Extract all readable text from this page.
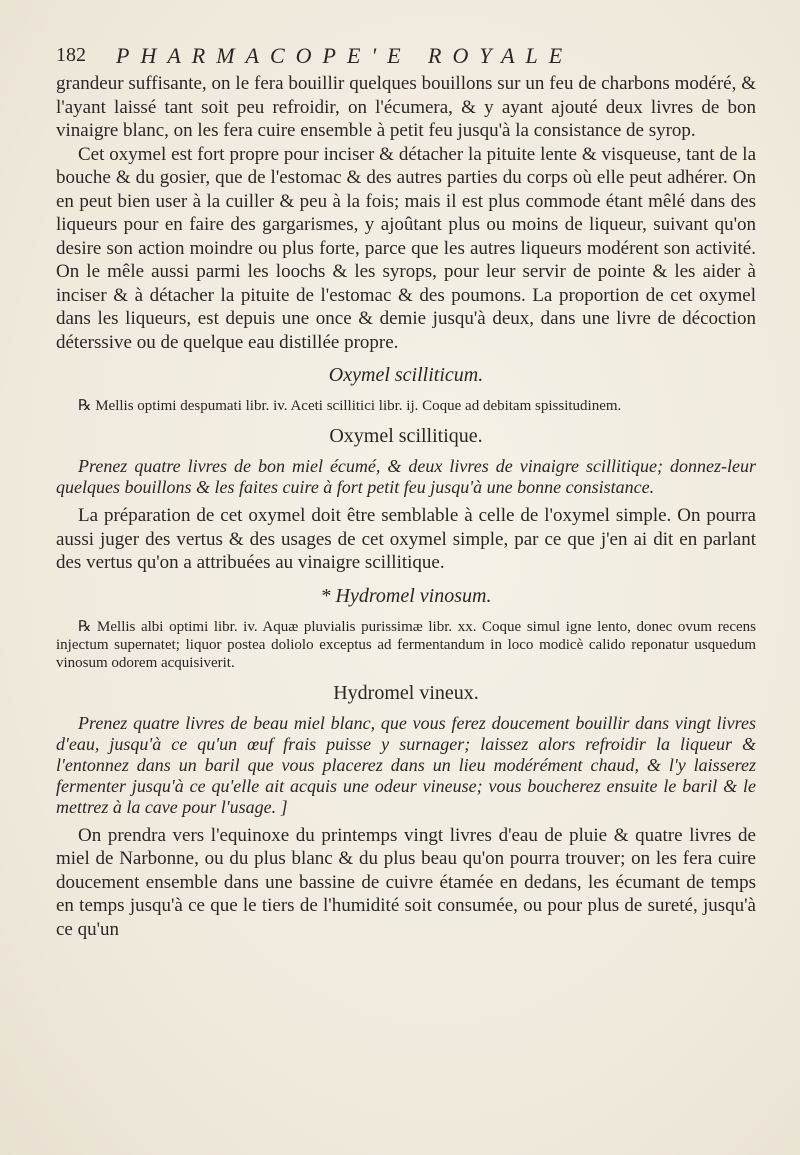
182 PHARMACOPE'E ROYALE

grandeur suffisante, on le fera bouillir quelques bouillons sur un feu de charbons modéré, & l'ayant laissé tant soit peu refroidir, on l'écumera, & y ayant ajouté deux livres de bon vinaigre blanc, on les fera cuire ensemble à petit feu jusqu'à la consistance de syrop.

Cet oxymel est fort propre pour inciser & détacher la pituite lente & visqueuse, tant de la bouche & du gosier, que de l'estomac & des autres parties du corps où elle peut adhérer. On en peut bien user à la cuiller & peu à la fois; mais il est plus commode étant mêlé dans des liqueurs pour en faire des gargarismes, y ajoûtant plus ou moins de liqueur, suivant qu'on desire son action moindre ou plus forte, parce que les autres liqueurs modérent son activité. On le mêle aussi parmi les loochs & les syrops, pour leur servir de pointe & les aider à inciser & à détacher la pituite de l'estomac & des poumons. La proportion de cet oxymel dans les liqueurs, est depuis une once & demie jusqu'à deux, dans une livre de décoction déterssive ou de quelque eau distillée propre.

Oxymel scilliticum.

℞ Mellis optimi despumati libr. iv. Aceti scillitici libr. ij. Coque ad debitam spissitudinem.

Oxymel scillitique.

Prenez quatre livres de bon miel écumé, & deux livres de vinaigre scillitique; donnez-leur quelques bouillons & les faites cuire à fort petit feu jusqu'à une bonne consistance.

La préparation de cet oxymel doit être semblable à celle de l'oxymel simple. On pourra aussi juger des vertus & des usages de cet oxymel simple, par ce que j'en ai dit en parlant des vertus qu'on a attribuées au vinaigre scillitique.

* Hydromel vinosum.

℞ Mellis albi optimi libr. iv. Aquæ pluvialis purissimæ libr. xx. Coque simul igne lento, donec ovum recens injectum supernatet; liquor postea doliolo exceptus ad fermentandum in loco modicè calido reponatur usquedum vinosum odorem acquisiverit.

Hydromel vineux.

Prenez quatre livres de beau miel blanc, que vous ferez doucement bouillir dans vingt livres d'eau, jusqu'à ce qu'un œuf frais puisse y surnager; laissez alors refroidir la liqueur & l'entonnez dans un baril que vous placerez dans un lieu modérément chaud, & l'y laisserez fermenter jusqu'à ce qu'elle ait acquis une odeur vineuse; vous boucherez ensuite le baril & le mettrez à la cave pour l'usage. ]

On prendra vers l'equinoxe du printemps vingt livres d'eau de pluie & quatre livres de miel de Narbonne, ou du plus blanc & du plus beau qu'on pourra trouver; on les fera cuire doucement ensemble dans une bassine de cuivre étamée en dedans, les écumant de temps en temps jusqu'à ce que le tiers de l'humidité soit consumée, ou pour plus de sureté, jusqu'à ce qu'un
